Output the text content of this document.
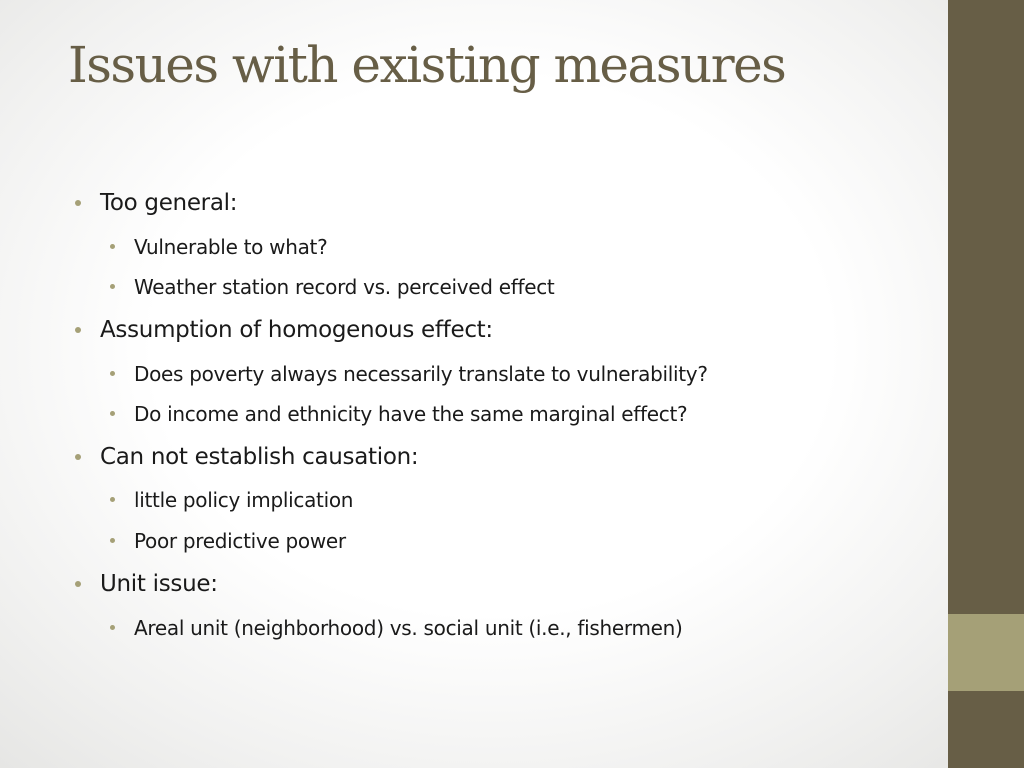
Issues with existing measures
Too general:
Vulnerable to what?
Weather station record vs. perceived effect
Assumption of homogenous effect:
Does poverty always necessarily translate to vulnerability?
Do income and ethnicity have the same marginal effect?
Can not establish causation:
little policy implication
Poor predictive power
Unit issue:
Areal unit (neighborhood) vs. social unit (i.e., fishermen)
